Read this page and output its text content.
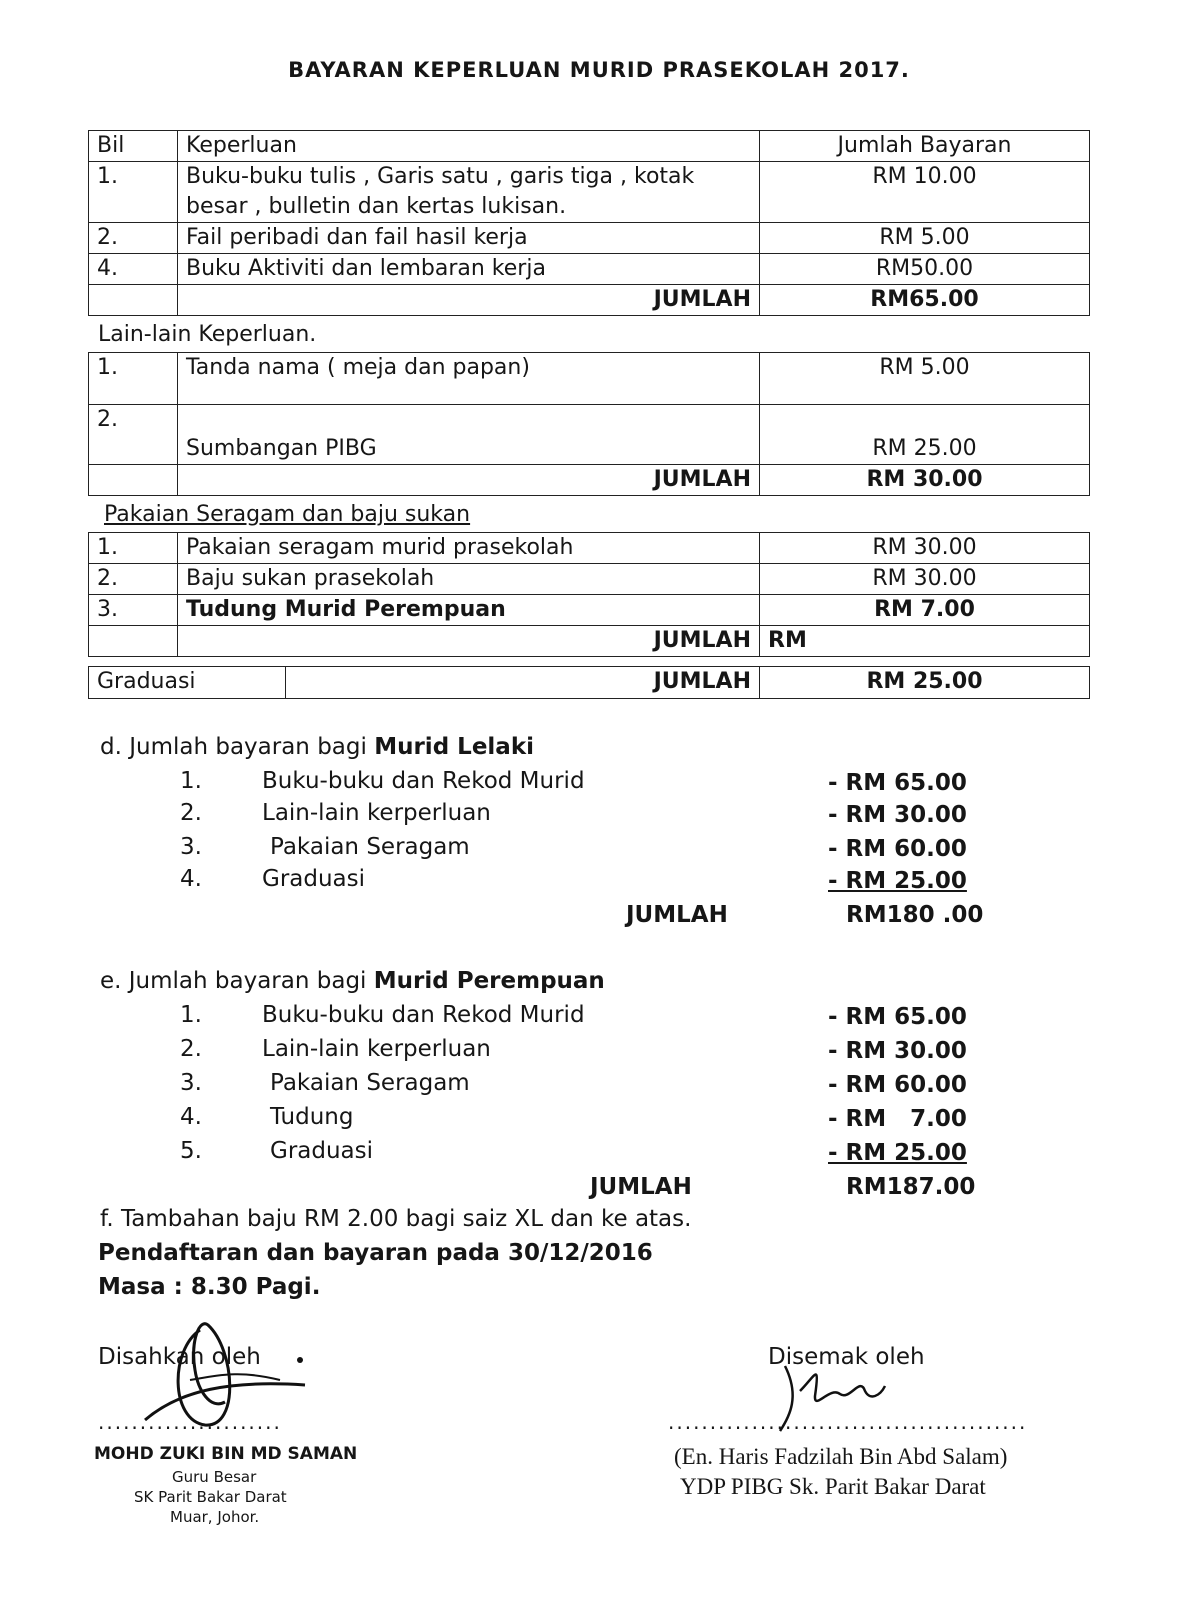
BAYARAN KEPERLUAN MURID PRASEKOLAH 2017.
Bil	Keperluan	Jumlah Bayaran
1.	Buku-buku tulis , Garis satu , garis tiga , kotak besar , bulletin dan kertas lukisan.	RM 10.00
2.	Fail peribadi dan fail hasil kerja	RM 5.00
4.	Buku Aktiviti dan lembaran kerja	RM50.00
	JUMLAH	RM65.00
Lain-lain Keperluan.
1.	Tanda nama ( meja dan papan)	RM 5.00
2.	Sumbangan PIBG	RM 25.00
	JUMLAH	RM 30.00
Pakaian Seragam dan baju sukan
1.	Pakaian seragam murid prasekolah	RM 30.00
2.	Baju sukan prasekolah	RM 30.00
3.	Tudung Murid Perempuan	RM 7.00
	JUMLAH	RM
Graduasi	JUMLAH	RM 25.00
d. Jumlah bayaran bagi Murid Lelaki
1.	Buku-buku dan Rekod Murid	- RM 65.00
2.	Lain-lain kerperluan	- RM 30.00
3.	Pakaian Seragam	- RM 60.00
4.	Graduasi	- RM 25.00
JUMLAH	RM180 .00
e. Jumlah bayaran bagi Murid Perempuan
1.	Buku-buku dan Rekod Murid	- RM 65.00
2.	Lain-lain kerperluan	- RM 30.00
3.	Pakaian Seragam	- RM 60.00
4.	Tudung	- RM   7.00
5.	Graduasi	- RM 25.00
JUMLAH	RM187.00
f. Tambahan baju RM 2.00 bagi saiz XL dan ke atas.
Pendaftaran dan bayaran pada 30/12/2016
Masa : 8.30 Pagi.
Disahkan oleh
......................
MOHD ZUKI BIN MD SAMAN
Guru Besar
SK Parit Bakar Darat
Muar, Johor.
Disemak oleh
...........................................
(En. Haris Fadzilah Bin Abd Salam)
YDP PIBG Sk. Parit Bakar Darat
